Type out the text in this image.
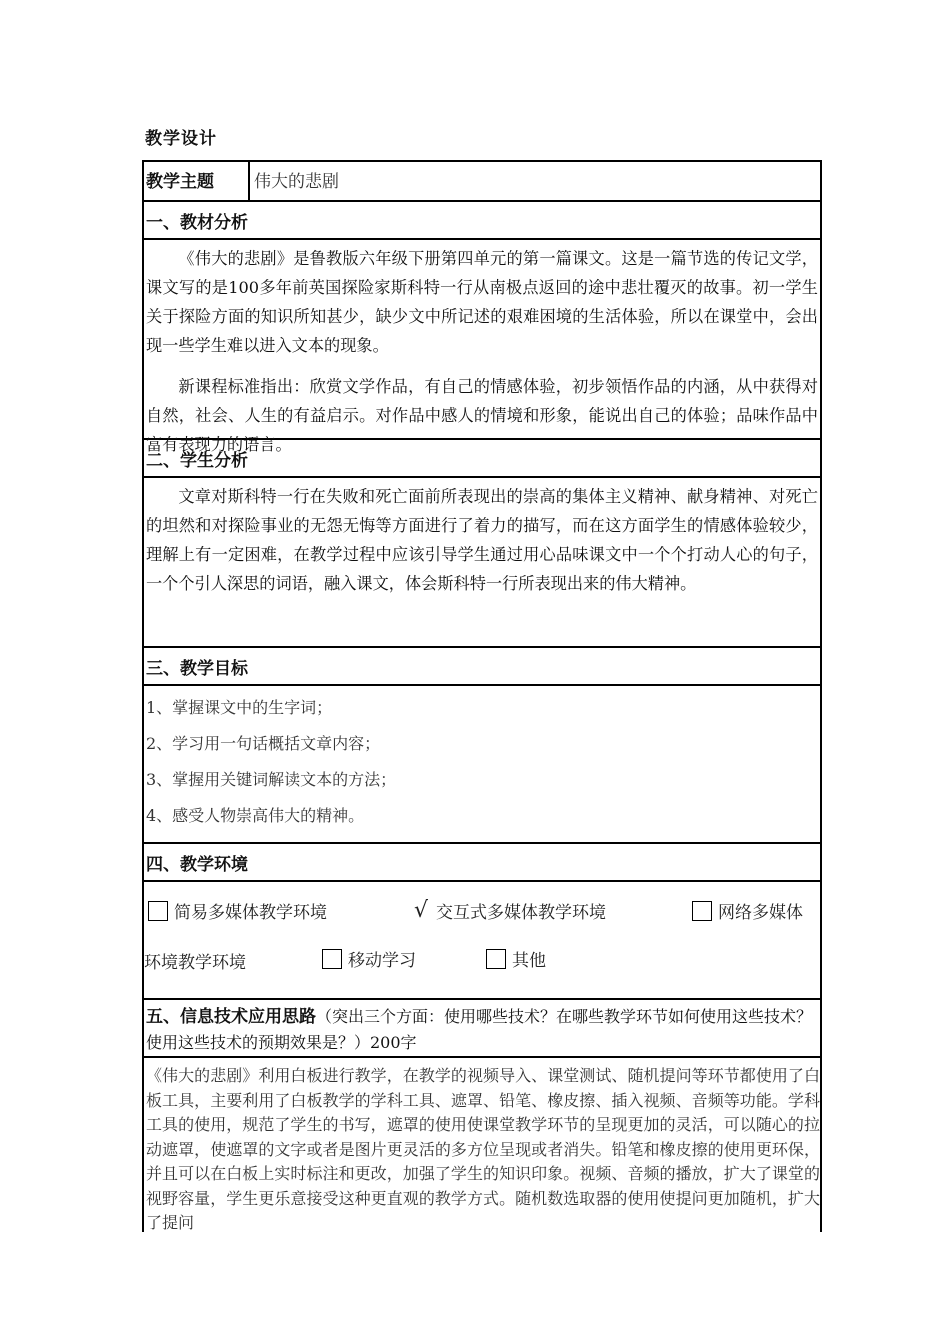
教学设计
教学主题	伟大的悲剧
一、教材分析

《伟大的悲剧》是鲁教版六年级下册第四单元的第一篇课文。这是一篇节选的传记文学，课文写的是100多年前英国探险家斯科特一行从南极点返回的途中悲壮覆灭的故事。初一学生关于探险方面的知识所知甚少，缺少文中所记述的艰难困境的生活体验，所以在课堂中，会出现一些学生难以进入文本的现象。

新课程标准指出：欣赏文学作品，有自己的情感体验，初步领悟作品的内涵，从中获得对自然，社会、人生的有益启示。对作品中感人的情境和形象，能说出自己的体验；品味作品中富有表现力的语言。

二、学生分析

文章对斯科特一行在失败和死亡面前所表现出的崇高的集体主义精神、献身精神、对死亡的坦然和对探险事业的无怨无悔等方面进行了着力的描写，而在这方面学生的情感体验较少，理解上有一定困难，在教学过程中应该引导学生通过用心品味课文中一个个打动人心的句子，一个个引人深思的词语，融入课文，体会斯科特一行所表现出来的伟大精神。

三、教学目标
1、掌握课文中的生字词；
2、学习用一句话概括文章内容；
3、掌握用关键词解读文本的方法；
4、感受人物崇高伟大的精神。
四、教学环境
简易多媒体教学环境	√ 交互式多媒体教学环境	网络多媒体
环境教学环境	移动学习	其他
五、信息技术应用思路（突出三个方面：使用哪些技术？在哪些教学环节如何使用这些技术？使用这些技术的预期效果是？）200字
《伟大的悲剧》利用白板进行教学，在教学的视频导入、课堂测试、随机提问等环节都使用了白板工具，主要利用了白板教学的学科工具、遮罩、铅笔、橡皮擦、插入视频、音频等功能。学科工具的使用，规范了学生的书写，遮罩的使用使课堂教学环节的呈现更加的灵活，可以随心的拉动遮罩，使遮罩的文字或者是图片更灵活的多方位呈现或者消失。铅笔和橡皮擦的使用更环保，并且可以在白板上实时标注和更改，加强了学生的知识印象。视频、音频的播放，扩大了课堂的视野容量，学生更乐意接受这种更直观的教学方式。随机数选取器的使用使提问更加随机，扩大了提问
